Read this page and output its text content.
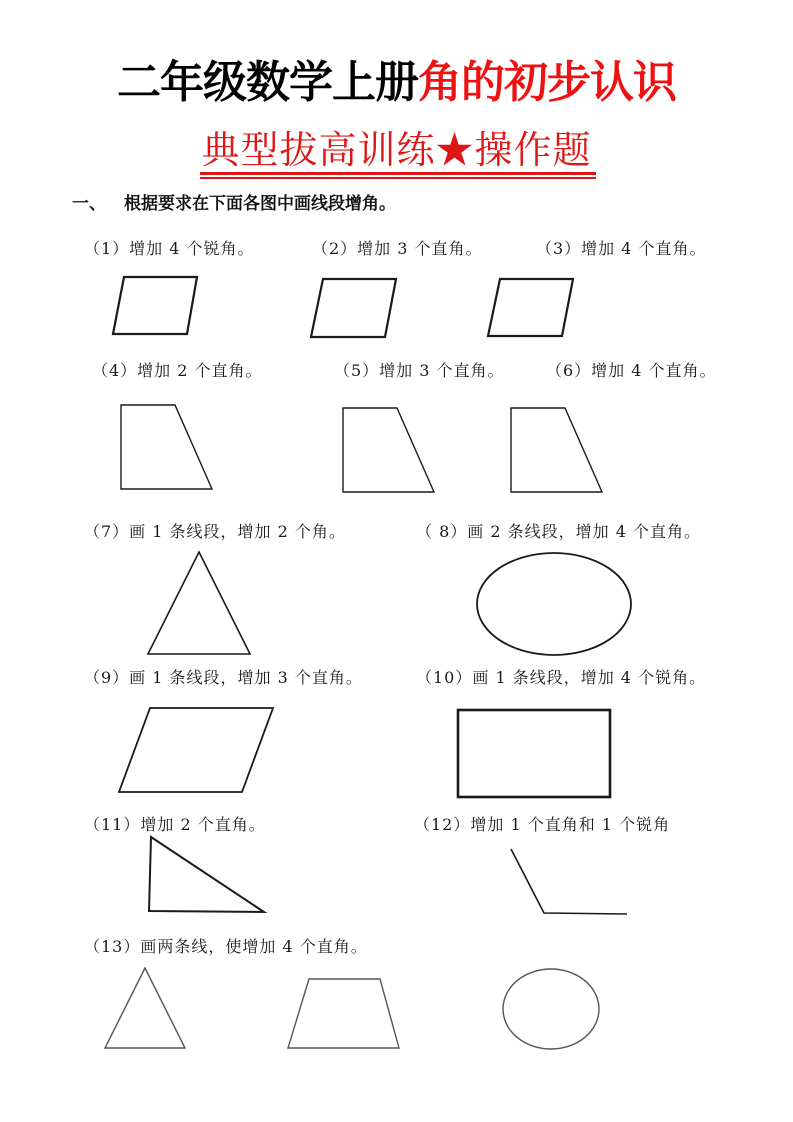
二年级数学上册角的初步认识
典型拔高训练★操作题
一、 根据要求在下面各图中画线段增角。
（1）增加 4 个锐角。	（2）增加 3 个直角。	（3）增加 4 个直角。
（4）增加 2 个直角。	（5）增加 3 个直角。	（6）增加 4 个直角。
（7）画 1 条线段，增加 2 个角。	（ 8）画 2 条线段，增加 4 个直角。
（9）画 1 条线段，增加 3 个直角。	（10）画 1 条线段，增加 4 个锐角。
（11）增加 2 个直角。	（12）增加 1 个直角和 1 个锐角
（13）画两条线，使增加 4 个直角。
